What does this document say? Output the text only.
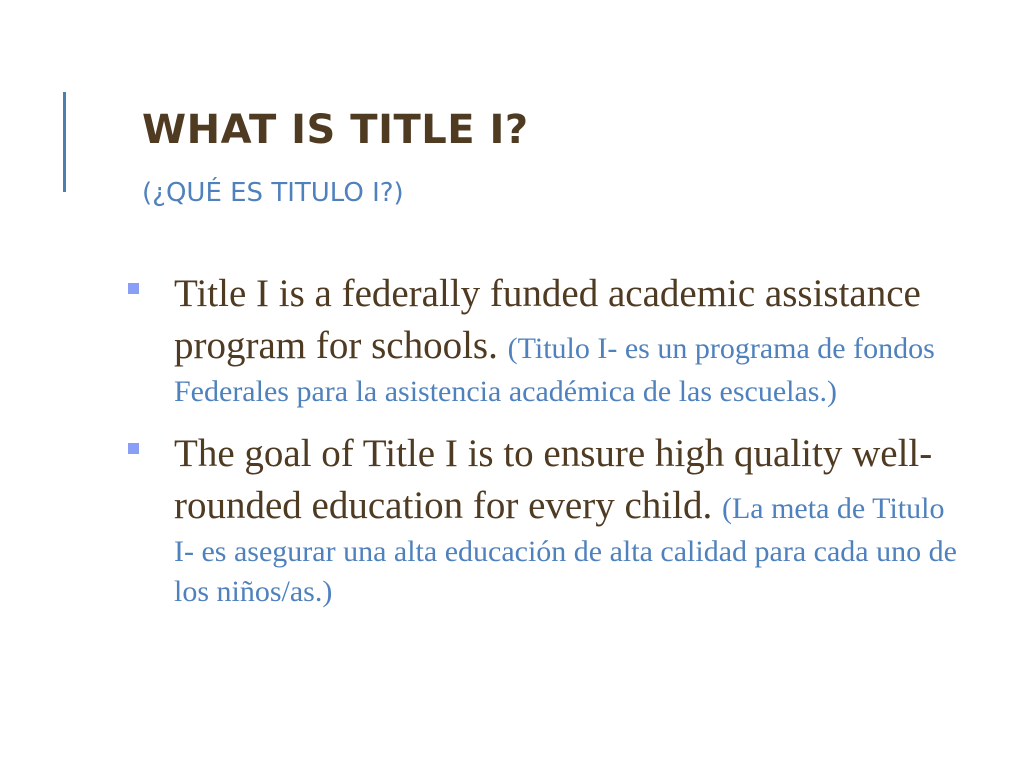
WHAT IS TITLE I?

(¿QUÉ ES TITULO I?)

Title I is a federally funded academic assistance program for schools. (Titulo I- es un programa de fondos Federales para la asistencia académica de las escuelas.)
The goal of Title I is to ensure high quality well-rounded education for every child. (La meta de Titulo I- es asegurar una alta educación de alta calidad para cada uno de los niños/as.)
